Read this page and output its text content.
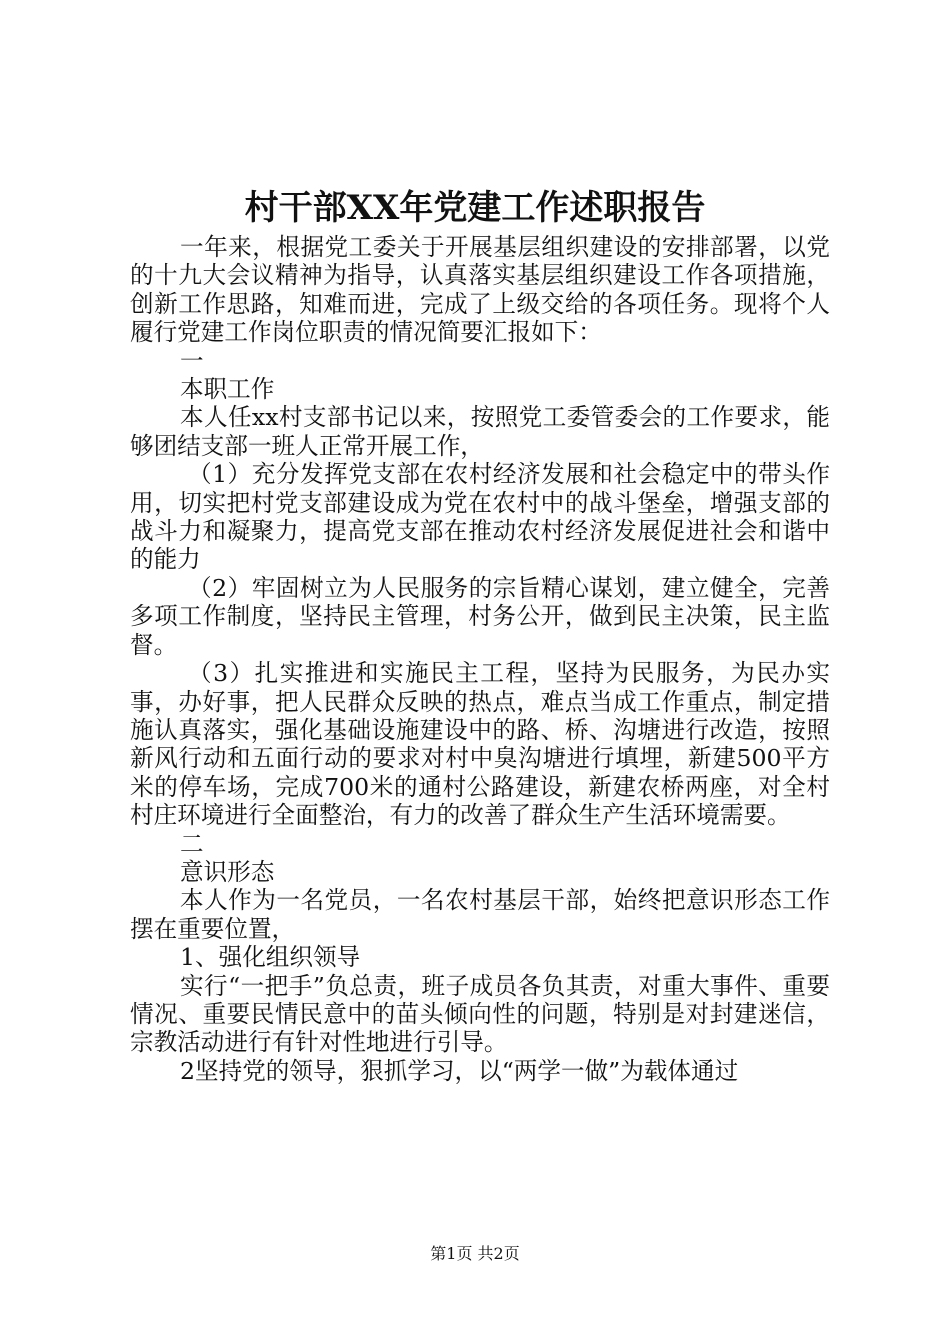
村干部XX年党建工作述职报告

一年来，根据党工委关于开展基层组织建设的安排部署，以党的十九大会议精神为指导，认真落实基层组织建设工作各项措施，创新工作思路，知难而进，完成了上级交给的各项任务。现将个人履行党建工作岗位职责的情况简要汇报如下：

一

本职工作

本人任xx村支部书记以来，按照党工委管委会的工作要求，能够团结支部一班人正常开展工作，

（1）充分发挥党支部在农村经济发展和社会稳定中的带头作用，切实把村党支部建设成为党在农村中的战斗堡垒，增强支部的战斗力和凝聚力，提高党支部在推动农村经济发展促进社会和谐中的能力

（2）牢固树立为人民服务的宗旨精心谋划，建立健全，完善多项工作制度，坚持民主管理，村务公开，做到民主决策，民主监督。

（3）扎实推进和实施民主工程，坚持为民服务，为民办实事，办好事，把人民群众反映的热点，难点当成工作重点，制定措施认真落实，强化基础设施建设中的路、桥、沟塘进行改造，按照新风行动和五面行动的要求对村中臭沟塘进行填埋，新建500平方米的停车场，完成700米的通村公路建设，新建农桥两座，对全村村庄环境进行全面整治，有力的改善了群众生产生活环境需要。

二

意识形态

本人作为一名党员，一名农村基层干部，始终把意识形态工作摆在重要位置，

1、强化组织领导

实行“一把手”负总责，班子成员各负其责，对重大事件、重要情况、重要民情民意中的苗头倾向性的问题，特别是对封建迷信，宗教活动进行有针对性地进行引导。

2坚持党的领导，狠抓学习，以“两学一做”为载体通过

第1页 共2页
